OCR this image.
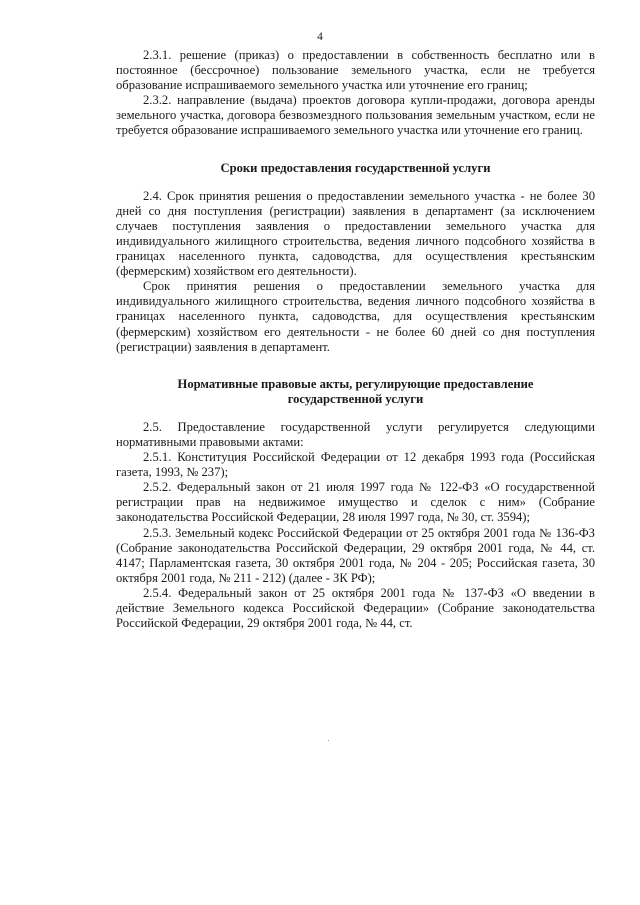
4

2.3.1. решение (приказ) о предоставлении в собственность бесплатно или в постоянное (бессрочное) пользование земельного участка, если не требуется образование испрашиваемого земельного участка или уточнение его границ;

2.3.2. направление (выдача) проектов договора купли-продажи, договора аренды земельного участка, договора безвозмездного пользования земельным участком, если не требуется образование испрашиваемого земельного участка или уточнение его границ.

Сроки предоставления государственной услуги

2.4. Срок принятия решения о предоставлении земельного участка - не более 30 дней со дня поступления (регистрации) заявления в департамент (за исключением случаев поступления заявления о предоставлении земельного участка для индивидуального жилищного строительства, ведения личного подсобного хозяйства в границах населенного пункта, садоводства, для осуществления крестьянским (фермерским) хозяйством его деятельности).

Срок принятия решения о предоставлении земельного участка для индивидуального жилищного строительства, ведения личного подсобного хозяйства в границах населенного пункта, садоводства, для осуществления крестьянским (фермерским) хозяйством его деятельности - не более 60 дней со дня поступления (регистрации) заявления в департамент.

Нормативные правовые акты, регулирующие предоставление
государственной услуги

2.5. Предоставление государственной услуги регулируется следующими нормативными правовыми актами:

2.5.1. Конституция Российской Федерации от 12 декабря 1993 года (Российская газета, 1993, № 237);

2.5.2. Федеральный закон от 21 июля 1997 года № 122-ФЗ «О государственной регистрации прав на недвижимое имущество и сделок с ним» (Собрание законодательства Российской Федерации, 28 июля 1997 года, № 30, ст. 3594);

2.5.3. Земельный кодекс Российской Федерации от 25 октября 2001 года № 136-ФЗ (Собрание законодательства Российской Федерации, 29 октября 2001 года, № 44, ст. 4147; Парламентская газета, 30 октября 2001 года, № 204 - 205; Российская газета, 30 октября 2001 года, № 211 - 212) (далее - ЗК РФ);

2.5.4. Федеральный закон от 25 октября 2001 года № 137-ФЗ «О введении в действие Земельного кодекса Российской Федерации» (Собрание законодательства Российской Федерации, 29 октября 2001 года, № 44, ст.
